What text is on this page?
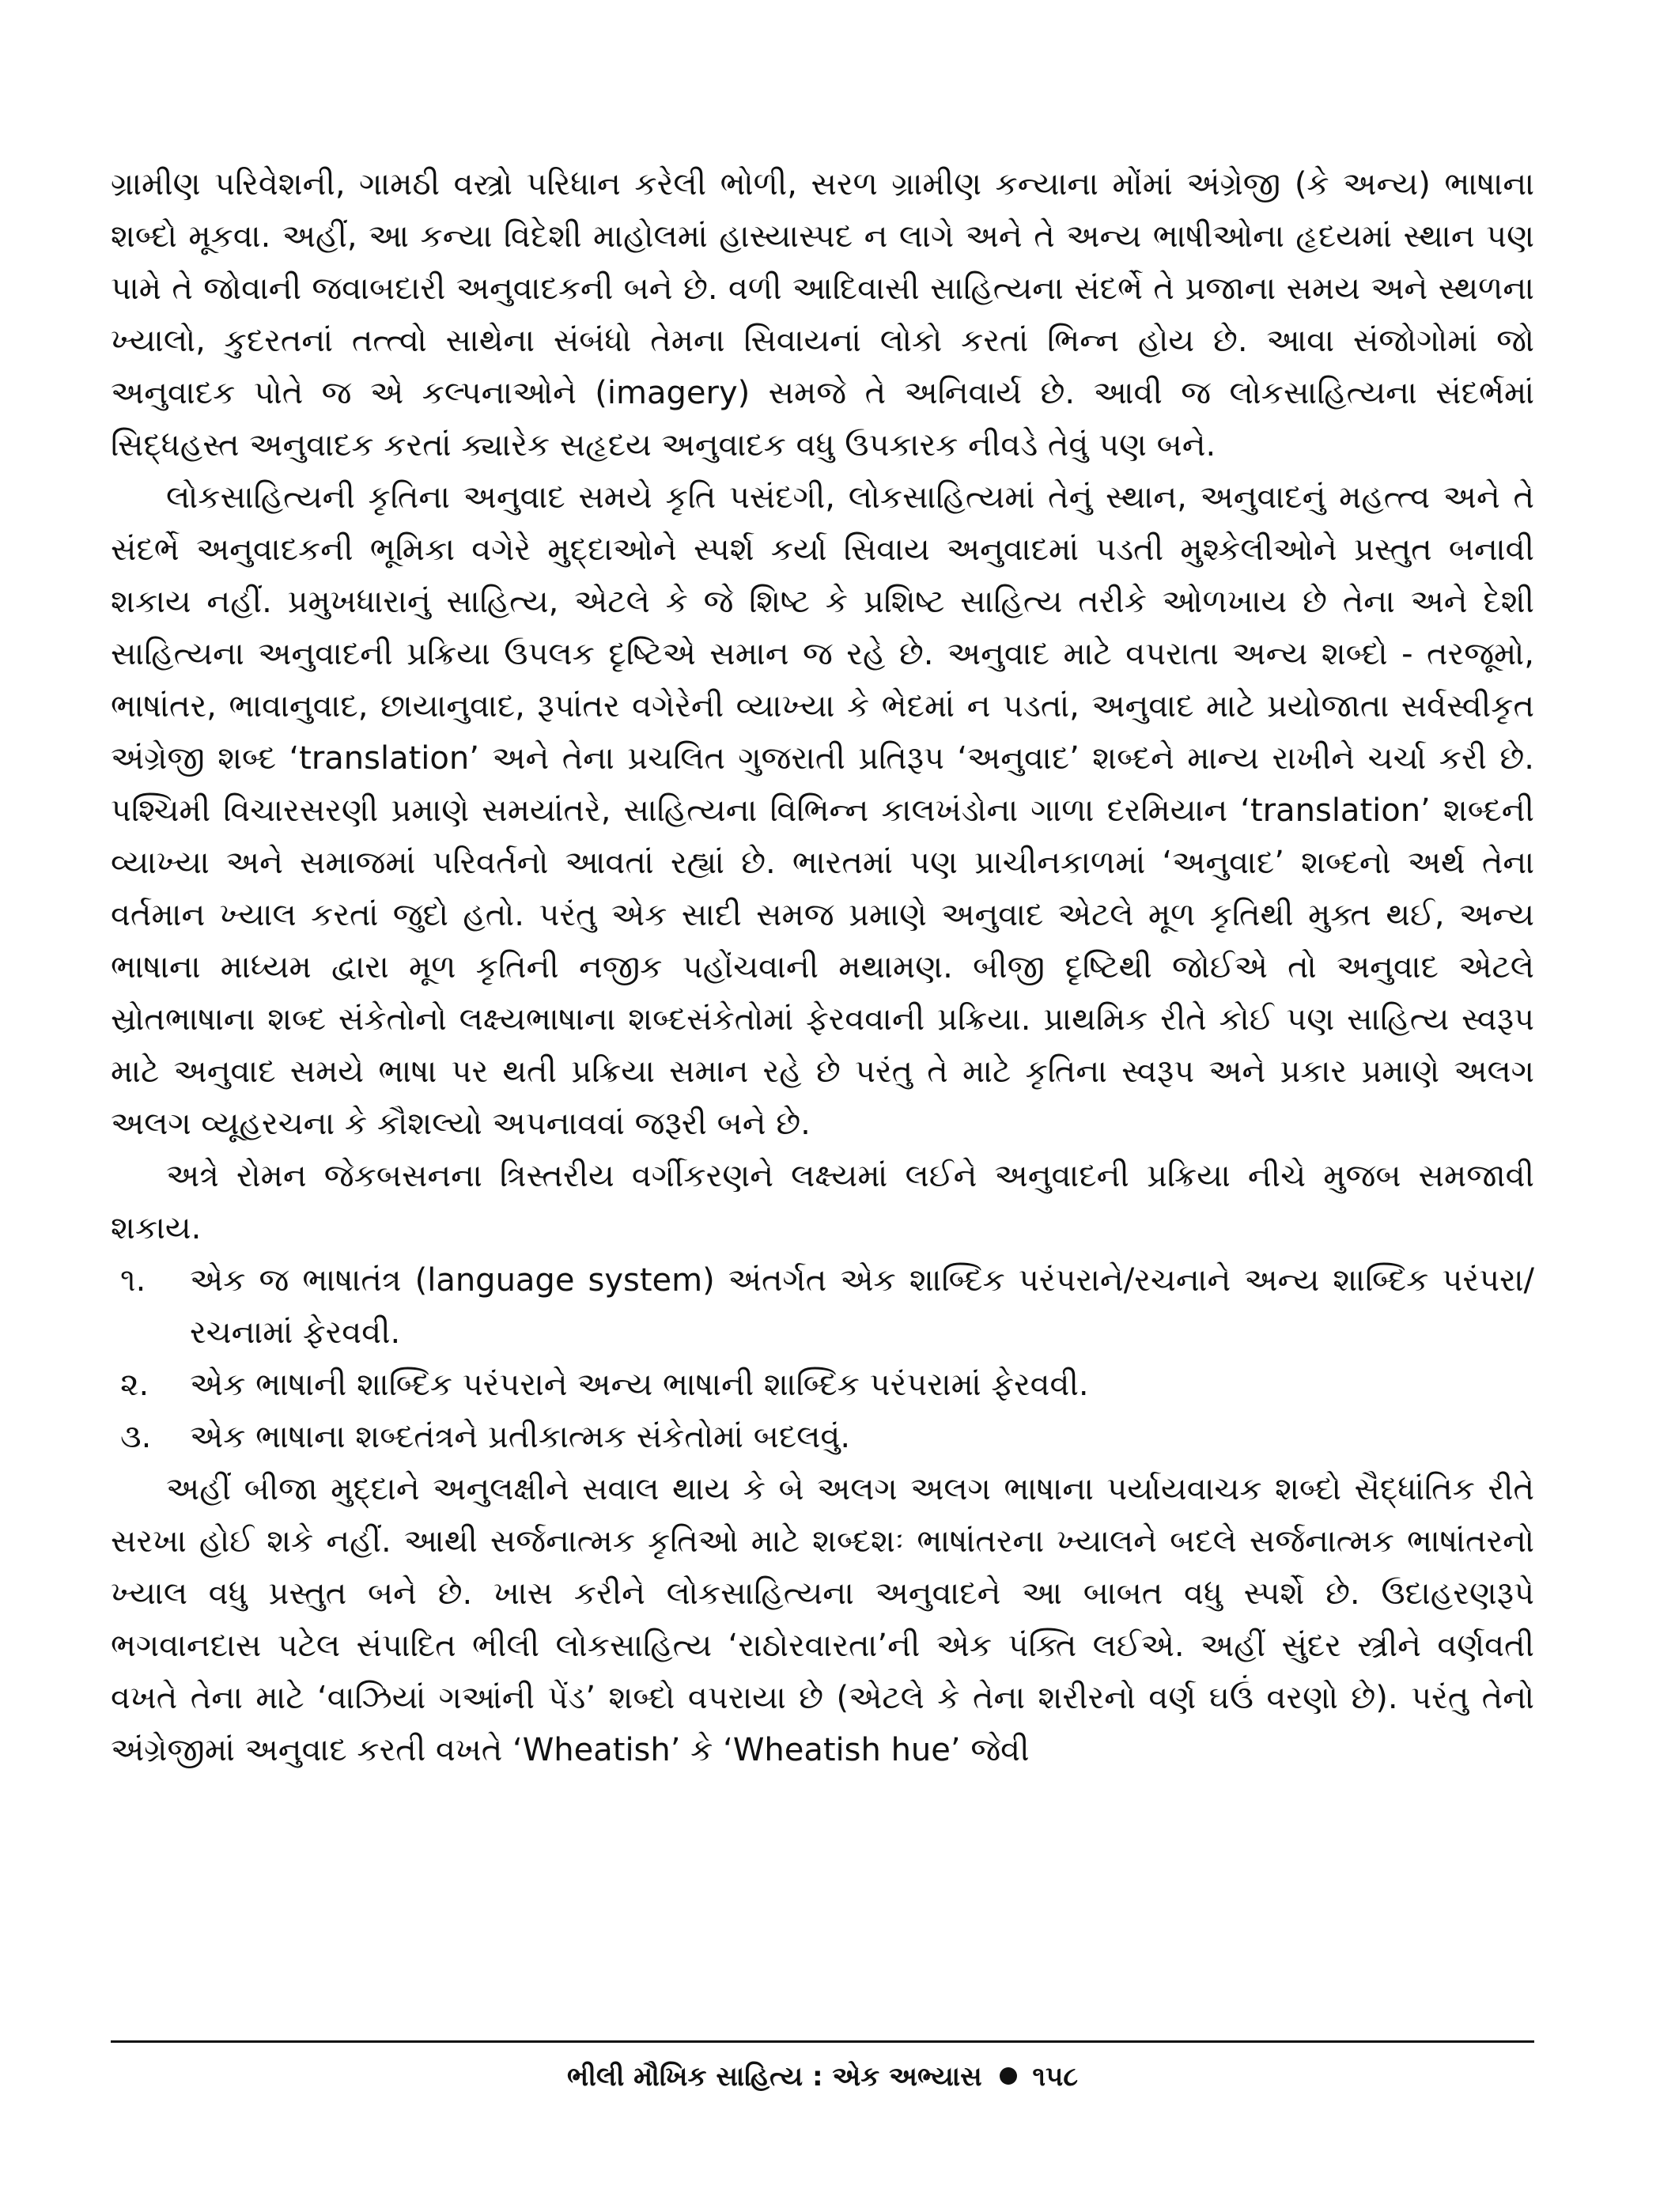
ગ્રામીણ પરિવેશની, ગામઠી વસ્ત્રો પરિધાન કરેલી ભોળી, સરળ ગ્રામીણ કન્યાના મોંમાં અંગ્રેજી (કે અન્ય) ભાષાના શબ્દો મૂકવા. અહીં, આ કન્યા વિદેશી માહોલમાં હાસ્યાસ્પદ ન લાગે અને તે અન્ય ભાષીઓના હૃદયમાં સ્થાન પણ પામે તે જોવાની જવાબદારી અનુવાદકની બને છે. વળી આદિવાસી સાહિત્યના સંદર્ભે તે પ્રજાના સમય અને સ્થળના ખ્યાલો, કુદરતનાં તત્ત્વો સાથેના સંબંધો તેમના સિવાયનાં લોકો કરતાં ભિન્ન હોય છે. આવા સંજોગોમાં જો અનુવાદક પોતે જ એ કલ્પનાઓને (imagery) સમજે તે અનિવાર્ય છે. આવી જ લોકસાહિત્યના સંદર્ભમાં સિદ્ધહસ્ત અનુવાદક કરતાં ક્યારેક સહૃદય અનુવાદક વધુ ઉપકારક નીવડે તેવું પણ બને.

લોકસાહિત્યની કૃતિના અનુવાદ સમયે કૃતિ પસંદગી, લોકસાહિત્યમાં તેનું સ્થાન, અનુવાદનું મહત્ત્વ અને તે સંદર્ભે અનુવાદકની ભૂમિકા વગેરે મુદ્દાઓને સ્પર્શ કર્યા સિવાય અનુવાદમાં પડતી મુશ્કેલીઓને પ્રસ્તુત બનાવી શકાય નહીં. પ્રમુખધારાનું સાહિત્ય, એટલે કે જે શિષ્ટ કે પ્રશિષ્ટ સાહિત્ય તરીકે ઓળખાય છે તેના અને દેશી સાહિત્યના અનુવાદની પ્રક્રિયા ઉપલક દૃષ્ટિએ સમાન જ રહે છે. અનુવાદ માટે વપરાતા અન્ય શબ્દો - તરજૂમો, ભાષાંતર, ભાવાનુવાદ, છાયાનુવાદ, રૂપાંતર વગેરેની વ્યાખ્યા કે ભેદમાં ન પડતાં, અનુવાદ માટે પ્રયોજાતા સર્વસ્વીકૃત અંગ્રેજી શબ્દ ‘translation’ અને તેના પ્રચલિત ગુજરાતી પ્રતિરૂપ ‘અનુવાદ’ શબ્દને માન્ય રાખીને ચર્ચા કરી છે. પશ્ચિમી વિચારસરણી પ્રમાણે સમયાંતરે, સાહિત્યના વિભિન્ન કાલખંડોના ગાળા દરમિયાન ‘translation’ શબ્દની વ્યાખ્યા અને સમાજમાં પરિવર્તનો આવતાં રહ્યાં છે. ભારતમાં પણ પ્રાચીનકાળમાં ‘અનુવાદ’ શબ્દનો અર્થ તેના વર્તમાન ખ્યાલ કરતાં જુદો હતો. પરંતુ એક સાદી સમજ પ્રમાણે અનુવાદ એટલે મૂળ કૃતિથી મુક્ત થઈ, અન્ય ભાષાના માધ્યમ દ્વારા મૂળ કૃતિની નજીક પહોંચવાની મથામણ. બીજી દૃષ્ટિથી જોઈએ તો અનુવાદ એટલે સ્રોતભાષાના શબ્દ સંકેતોનો લક્ષ્યભાષાના શબ્દસંકેતોમાં ફેરવવાની પ્રક્રિયા. પ્રાથમિક રીતે કોઈ પણ સાહિત્ય સ્વરૂપ માટે અનુવાદ સમયે ભાષા પર થતી પ્રક્રિયા સમાન રહે છે પરંતુ તે માટે કૃતિના સ્વરૂપ અને પ્રકાર પ્રમાણે અલગ અલગ વ્યૂહરચના કે કૌશલ્યો અપનાવવાં જરૂરી બને છે.

અત્રે રોમન જેકબસનના ત્રિસ્તરીય વર્ગીકરણને લક્ષ્યમાં લઈને અનુવાદની પ્રક્રિયા નીચે મુજબ સમજાવી શકાય.

૧. એક જ ભાષાતંત્ર (language system) અંતર્ગત એક શાબ્દિક પરંપરાને/રચનાને અન્ય શાબ્દિક પરંપરા/રચનામાં ફેરવવી.
૨. એક ભાષાની શાબ્દિક પરંપરાને અન્ય ભાષાની શાબ્દિક પરંપરામાં ફેરવવી.
૩. એક ભાષાના શબ્દતંત્રને પ્રતીકાત્મક સંકેતોમાં બદલવું.

અહીં બીજા મુદ્દાને અનુલક્ષીને સવાલ થાય કે બે અલગ અલગ ભાષાના પર્યાયવાચક શબ્દો સૈદ્ધાંતિક રીતે સરખા હોઈ શકે નહીં. આથી સર્જનાત્મક કૃતિઓ માટે શબ્દશઃ ભાષાંતરના ખ્યાલને બદલે સર્જનાત્મક ભાષાંતરનો ખ્યાલ વધુ પ્રસ્તુત બને છે. ખાસ કરીને લોકસાહિત્યના અનુવાદને આ બાબત વધુ સ્પર્શે છે. ઉદાહરણરૂપે ભગવાનદાસ પટેલ સંપાદિત ભીલી લોકસાહિત્ય ‘રાઠોરવારતા’ની એક પંક્તિ લઈએ. અહીં સુંદર સ્ત્રીને વર્ણવતી વખતે તેના માટે ‘વાઝિયાં ગઆંની પેંડ’ શબ્દો વપરાયા છે (એટલે કે તેના શરીરનો વર્ણ ઘઉં વરણો છે). પરંતુ તેનો અંગ્રેજીમાં અનુવાદ કરતી વખતે ‘Wheatish’ કે ‘Wheatish hue’ જેવી

ભીલી મૌખિક સાહિત્ય : એક અભ્યાસ ૧૫૮
